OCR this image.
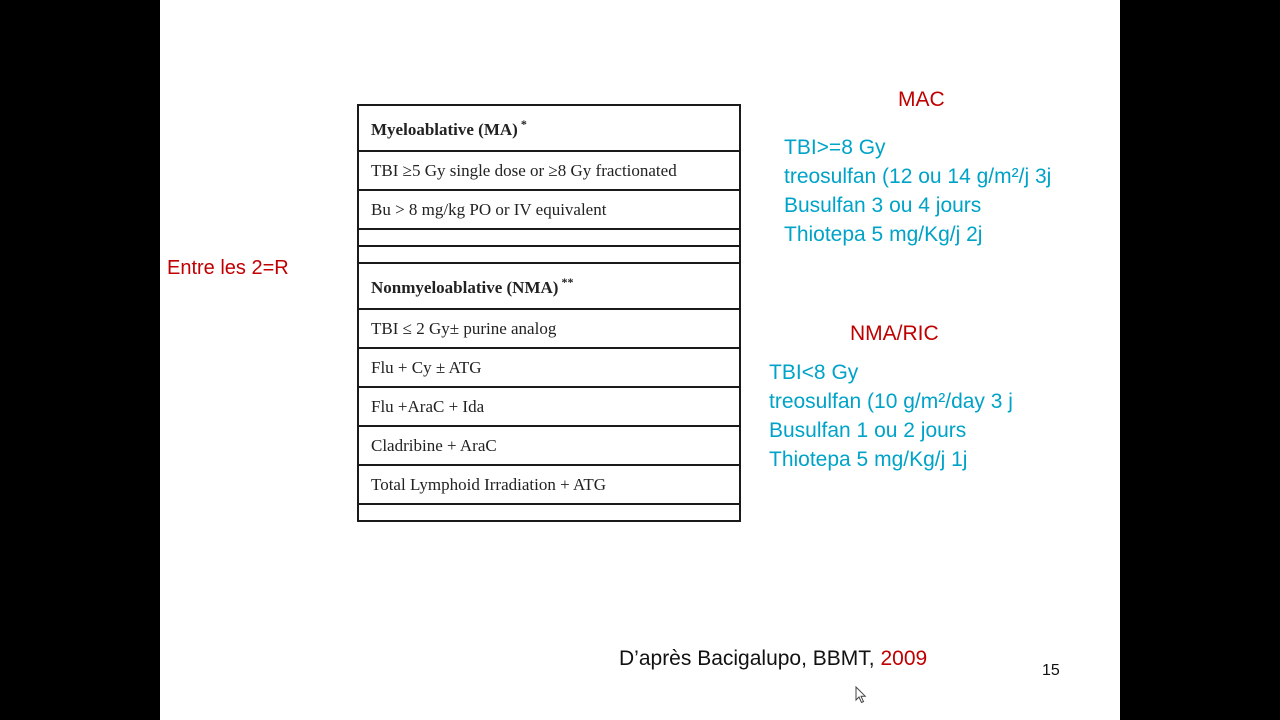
Myeloablative (MA) *
TBI ≥5 Gy single dose or ≥8 Gy fractionated
Bu > 8 mg/kg PO or IV equivalent

Nonmyeloablative (NMA) **
TBI ≤ 2 Gy± purine analog
Flu + Cy ± ATG
Flu +AraC + Ida
Cladribine + AraC
Total Lymphoid Irradiation + ATG

Entre les 2=R
MAC
TBI>=8 Gy
treosulfan (12 ou 14 g/m²/j 3j
Busulfan 3 ou 4 jours
Thiotepa 5 mg/Kg/j 2j
NMA/RIC
TBI<8 Gy
treosulfan (10 g/m²/day 3 j
Busulfan 1 ou 2 jours
Thiotepa 5 mg/Kg/j 1j
D’après Bacigalupo, BBMT, 2009
15
